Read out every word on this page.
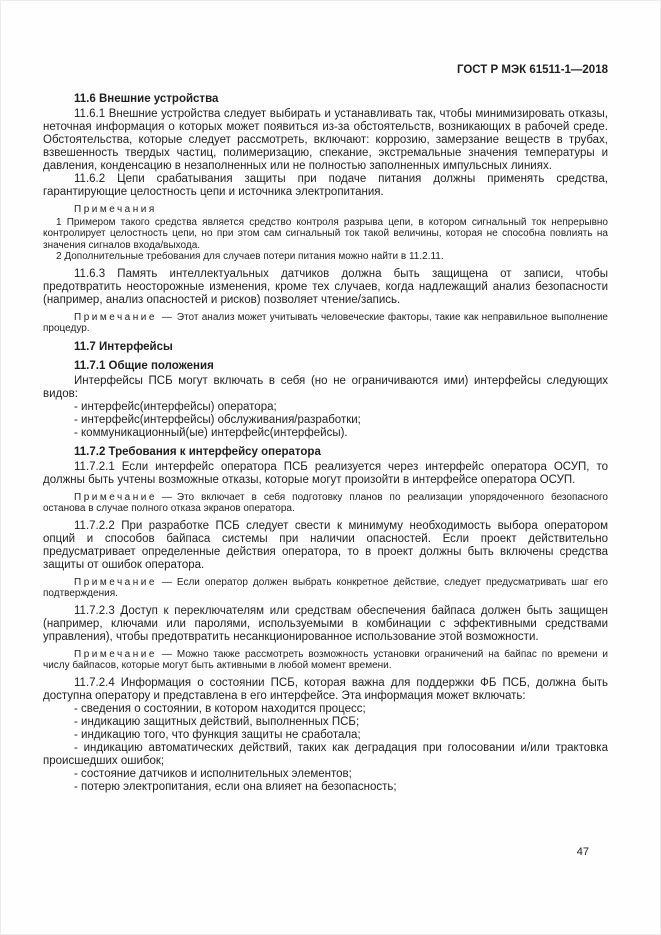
ГОСТ Р МЭК 61511-1—2018
11.6 Внешние устройства

11.6.1 Внешние устройства следует выбирать и устанавливать так, чтобы минимизировать отказы, неточная информация о которых может появиться из-за обстоятельств, возникающих в рабочей среде. Обстоятельства, которые следует рассмотреть, включают: коррозию, замерзание веществ в трубах, взвешенность твердых частиц, полимеризацию, спекание, экстремальные значения температуры и давления, конденсацию в незаполненных или не полностью заполненных импульсных линиях.

11.6.2 Цепи срабатывания защиты при подаче питания должны применять средства, гарантирующие целостность цепи и источника электропитания.

Примечания

1 Примером такого средства является средство контроля разрыва цепи, в котором сигнальный ток непрерывно контролирует целостность цепи, но при этом сам сигнальный ток такой величины, которая не способна повлиять на значения сигналов входа/выхода.

2 Дополнительные требования для случаев потери питания можно найти в 11.2.11.

11.6.3 Память интеллектуальных датчиков должна быть защищена от записи, чтобы предотвратить неосторожные изменения, кроме тех случаев, когда надлежащий анализ безопасности (например, анализ опасностей и рисков) позволяет чтение/запись.

Примечание — Этот анализ может учитывать человеческие факторы, такие как неправильное выполнение процедур.
11.7 Интерфейсы
11.7.1 Общие положения

Интерфейсы ПСБ могут включать в себя (но не ограничиваются ими) интерфейсы следующих видов:

- интерфейс(интерфейсы) оператора;

- интерфейс(интерфейсы) обслуживания/разработки;

- коммуникационный(ые) интерфейс(интерфейсы).

11.7.2 Требования к интерфейсу оператора

11.7.2.1 Если интерфейс оператора ПСБ реализуется через интерфейс оператора ОСУП, то должны быть учтены возможные отказы, которые могут произойти в интерфейсе оператора ОСУП.

Примечание — Это включает в себя подготовку планов по реализации упорядоченного безопасного останова в случае полного отказа экранов оператора.

11.7.2.2 При разработке ПСБ следует свести к минимуму необходимость выбора оператором опций и способов байпаса системы при наличии опасностей. Если проект действительно предусматривает определенные действия оператора, то в проект должны быть включены средства защиты от ошибок оператора.

Примечание — Если оператор должен выбрать конкретное действие, следует предусматривать шаг его подтверждения.

11.7.2.3 Доступ к переключателям или средствам обеспечения байпаса должен быть защищен (например, ключами или паролями, используемыми в комбинации с эффективными средствами управления), чтобы предотвратить несанкционированное использование этой возможности.

Примечание — Можно также рассмотреть возможность установки ограничений на байпас по времени и числу байпасов, которые могут быть активными в любой момент времени.

11.7.2.4 Информация о состоянии ПСБ, которая важна для поддержки ФБ ПСБ, должна быть доступна оператору и представлена в его интерфейсе. Эта информация может включать:

- сведения о состоянии, в котором находится процесс;

- индикацию защитных действий, выполненных ПСБ;

- индикацию того, что функция защиты не сработала;

- индикацию автоматических действий, таких как деградация при голосовании и/или трактовка происшедших ошибок;

- состояние датчиков и исполнительных элементов;

- потерю электропитания, если она влияет на безопасность;

47
